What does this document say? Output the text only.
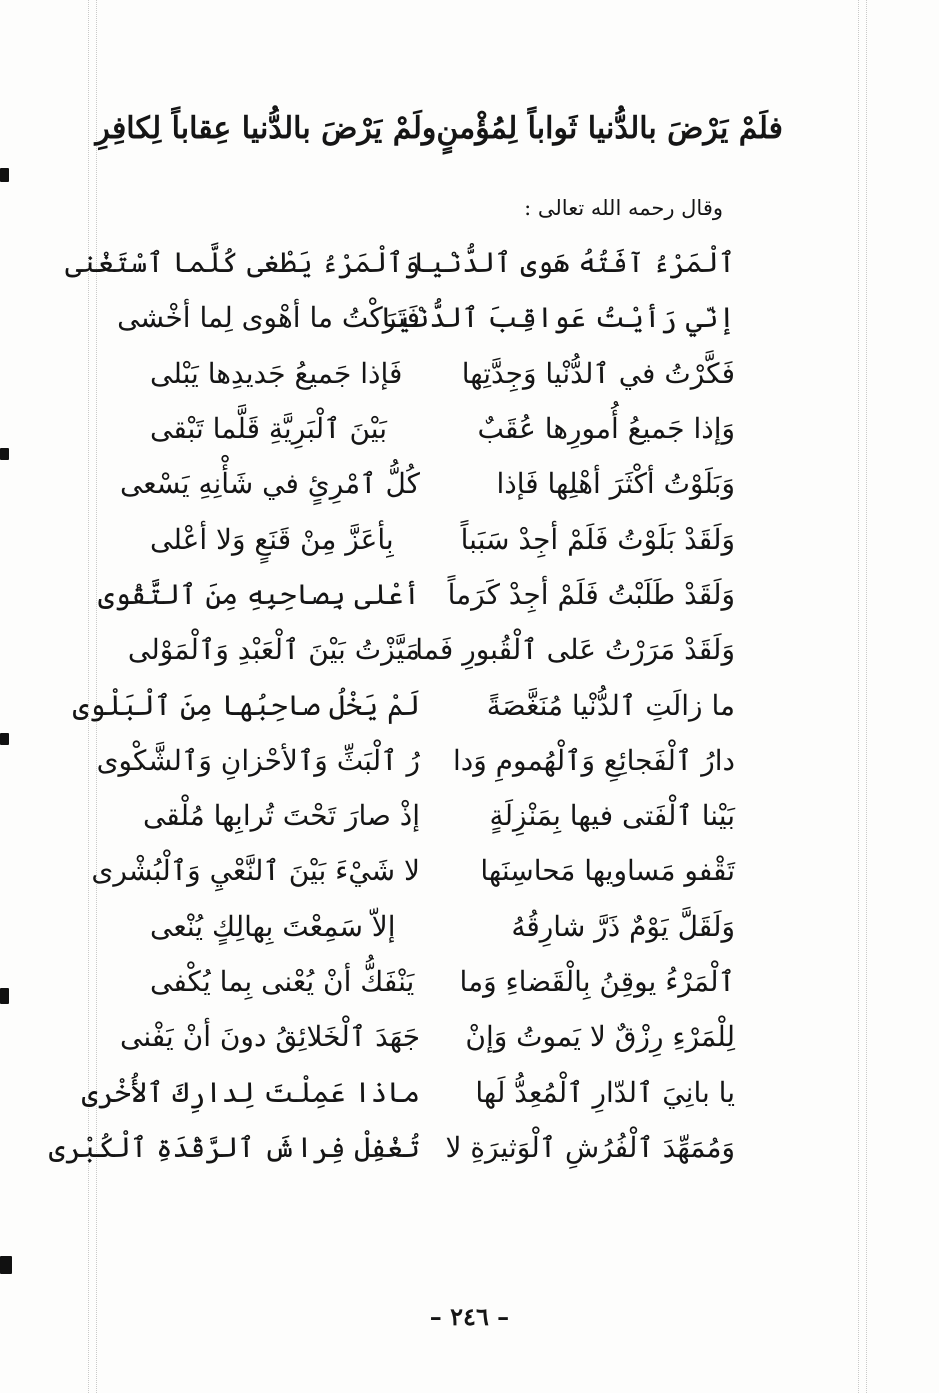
فلَمْ يَرْضَ بالدُّنيا ثَواباً لِمُؤْمنٍ
ولَمْ يَرْضَ بالدُّنيا عِقاباً لِكافِرِ
وقال رحمه الله تعالى :
ٱلْمَرْءُ آفَتُهُ هَوى ٱلدُّنْيا
وَٱلْمَرْءُ يَطْغى كُلَّما ٱسْتَغْنى
إنّي رَأيْتُ عَواقِبَ ٱلدُّنْيا
فَتَرَكْتُ ما أهْوى لِما أخْشى
فَكَّرْتُ في ٱلدُّنْيا وَجِدَّتِها
فَإذا جَميعُ جَديدِها يَبْلى
وَإذا جَميعُ أُمورِها عُقَبٌ
بَيْنَ ٱلْبَرِيَّةِ قَلَّما تَبْقى
وَبَلَوْتُ أكْثَرَ أهْلِها فَإذا
كُلُّ ٱمْرِئٍ في شَأْنِهِ يَسْعى
وَلَقَدْ بَلَوْتُ فَلَمْ أجِدْ سَبَباً
بِأعَزَّ مِنْ قَنَعٍ وَلا أعْلى
وَلَقَدْ طَلَبْتُ فَلَمْ أجِدْ كَرَماً
أعْلى بِصاحِبِهِ مِنَ ٱلتَّقْوى
وَلَقَدْ مَرَرْتُ عَلى ٱلْقُبورِ فَما
مَيَّزْتُ بَيْنَ ٱلْعَبْدِ وَٱلْمَوْلى
ما زالَتِ ٱلدُّنْيا مُنَغَّصَةً
لَمْ يَخْلُ صاحِبُها مِنَ ٱلْبَلْوى
دارُ ٱلْفَجائِعِ وَٱلْهُمومِ وَدا
رُ ٱلْبَثِّ وَٱلأحْزانِ وَٱلشَّكْوى
بَيْنا ٱلْفَتى فيها بِمَنْزِلَةٍ
إذْ صارَ تَحْتَ تُرابِها مُلْقى
تَقْفو مَساويها مَحاسِنَها
لا شَيْءَ بَيْنَ ٱلنَّعْيِ وَٱلْبُشْرى
وَلَقَلَّ يَوْمٌ ذَرَّ شارِقُهُ
إلاّ سَمِعْتَ بِهالِكٍ يُنْعى
ٱلْمَرْءُ يوقِنُ بِالْقَضاءِ وَما
يَنْفَكُّ أنْ يُعْنى بِما يُكْفى
لِلْمَرْءِ رِزْقٌ لا يَموتُ وَإنْ
جَهَدَ ٱلْخَلائِقُ دونَ أنْ يَفْنى
يا بانِيَ ٱلدّارِ ٱلْمُعِدُّ لَها
ماذا عَمِلْتَ لِدارِكَ ٱلأُخْرى
وَمُمَهِّدَ ٱلْفُرُشِ ٱلْوَثيرَةِ لا
تُغْفِلْ فِراشَ ٱلرَّقْدَةِ ٱلْكُبْرى
– ٢٤٦ –
